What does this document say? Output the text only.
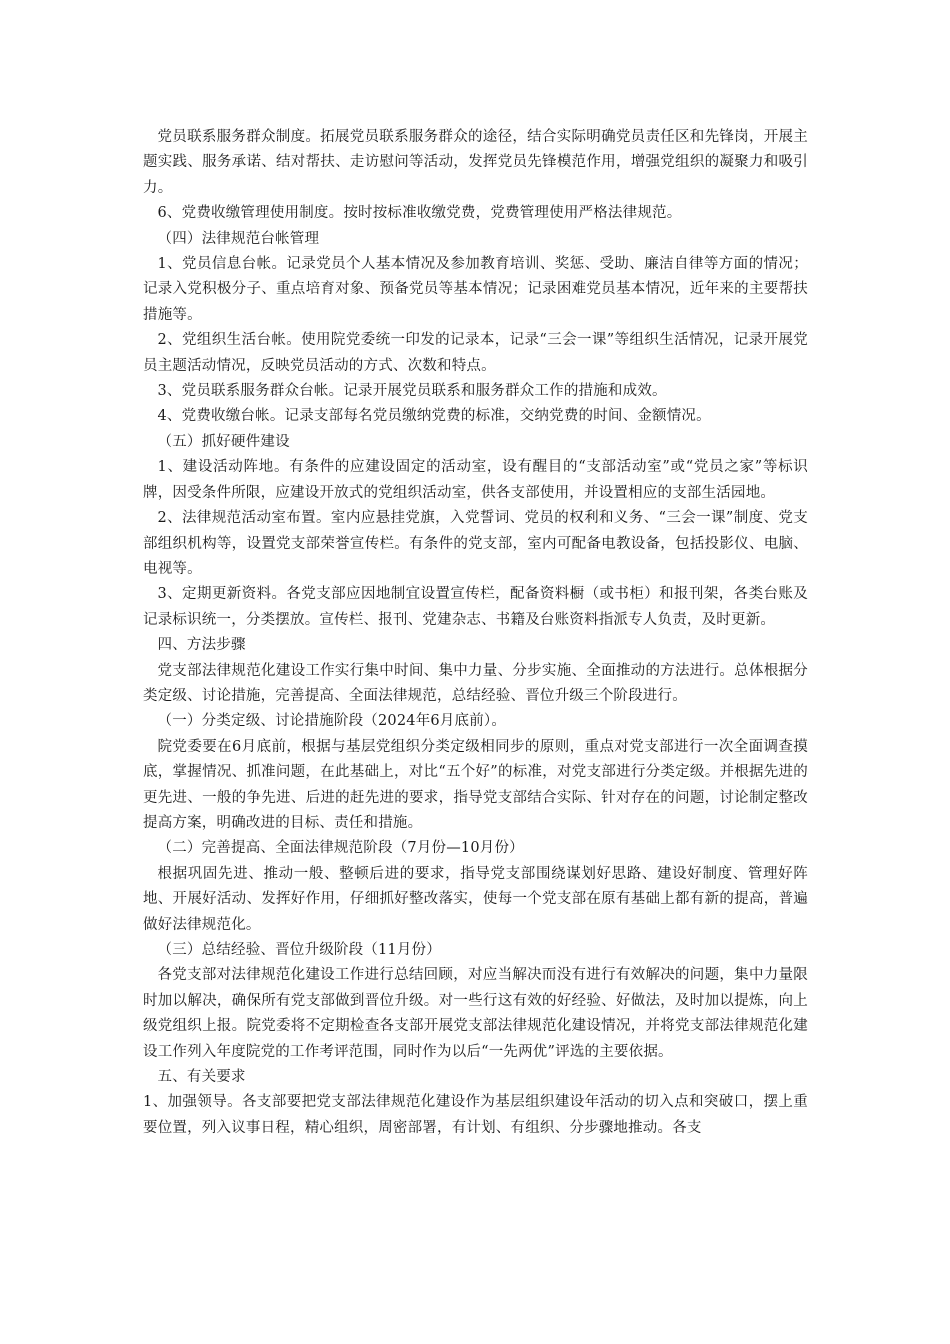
党员联系服务群众制度。拓展党员联系服务群众的途径，结合实际明确党员责任区和先锋岗，开展主题实践、服务承诺、结对帮扶、走访慰问等活动，发挥党员先锋模范作用，增强党组织的凝聚力和吸引力。

6、党费收缴管理使用制度。按时按标准收缴党费，党费管理使用严格法律规范。

（四）法律规范台帐管理

1、党员信息台帐。记录党员个人基本情况及参加教育培训、奖惩、受助、廉洁自律等方面的情况；记录入党积极分子、重点培育对象、预备党员等基本情况；记录困难党员基本情况，近年来的主要帮扶措施等。

2、党组织生活台帐。使用院党委统一印发的记录本，记录“三会一课”等组织生活情况，记录开展党员主题活动情况，反映党员活动的方式、次数和特点。

3、党员联系服务群众台帐。记录开展党员联系和服务群众工作的措施和成效。

4、党费收缴台帐。记录支部每名党员缴纳党费的标准，交纳党费的时间、金额情况。

（五）抓好硬件建设

1、建设活动阵地。有条件的应建设固定的活动室，设有醒目的“支部活动室”或“党员之家”等标识牌，因受条件所限，应建设开放式的党组织活动室，供各支部使用，并设置相应的支部生活园地。

2、法律规范活动室布置。室内应悬挂党旗，入党誓词、党员的权利和义务、“三会一课”制度、党支部组织机构等，设置党支部荣誉宣传栏。有条件的党支部，室内可配备电教设备，包括投影仪、电脑、电视等。

3、定期更新资料。各党支部应因地制宜设置宣传栏，配备资料橱（或书柜）和报刊架，各类台账及记录标识统一，分类摆放。宣传栏、报刊、党建杂志、书籍及台账资料指派专人负责，及时更新。

四、方法步骤

党支部法律规范化建设工作实行集中时间、集中力量、分步实施、全面推动的方法进行。总体根据分类定级、讨论措施，完善提高、全面法律规范，总结经验、晋位升级三个阶段进行。

（一）分类定级、讨论措施阶段（2024年6月底前）。

院党委要在6月底前，根据与基层党组织分类定级相同步的原则，重点对党支部进行一次全面调查摸底，掌握情况、抓准问题，在此基础上，对比“五个好”的标准，对党支部进行分类定级。并根据先进的更先进、一般的争先进、后进的赶先进的要求，指导党支部结合实际、针对存在的问题，讨论制定整改提高方案，明确改进的目标、责任和措施。

（二）完善提高、全面法律规范阶段（7月份—10月份）

根据巩固先进、推动一般、整顿后进的要求，指导党支部围绕谋划好思路、建设好制度、管理好阵地、开展好活动、发挥好作用，仔细抓好整改落实，使每一个党支部在原有基础上都有新的提高，普遍做好法律规范化。

（三）总结经验、晋位升级阶段（11月份）

各党支部对法律规范化建设工作进行总结回顾，对应当解决而没有进行有效解决的问题，集中力量限时加以解决，确保所有党支部做到晋位升级。对一些行这有效的好经验、好做法，及时加以提炼，向上级党组织上报。院党委将不定期检查各支部开展党支部法律规范化建设情况，并将党支部法律规范化建设工作列入年度院党的工作考评范围，同时作为以后“一先两优”评选的主要依据。

五、有关要求

1、加强领导。各支部要把党支部法律规范化建设作为基层组织建设年活动的切入点和突破口，摆上重要位置，列入议事日程，精心组织，周密部署，有计划、有组织、分步骤地推动。各支
